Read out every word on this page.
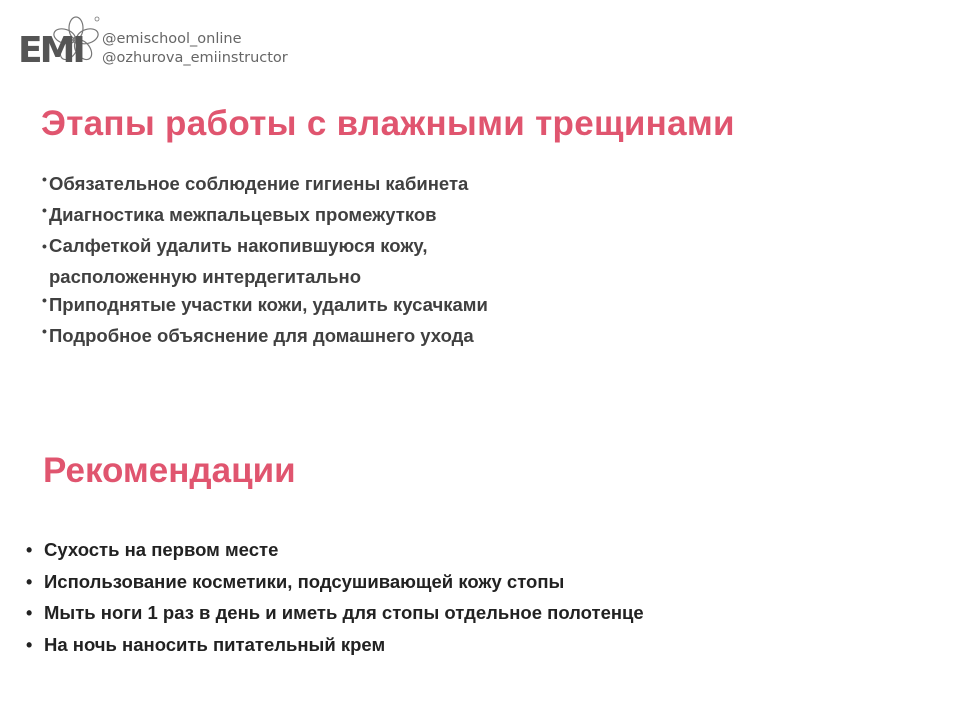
EMI @emischool_online
@ozhurova_emiinstructor
Этапы работы с влажными трещинами
• Обязательное соблюдение гигиены кабинета
• Диагностика межпальцевых промежутков
• Салфеткой удалить накопившуюся кожу, расположенную интердегитально
• Приподнятые участки кожи, удалить кусачками
• Подробное объяснение для домашнего ухода
Рекомендации
• Сухость на первом месте
• Использование косметики, подсушивающей кожу стопы
• Мыть ноги 1 раз в день и иметь для стопы отдельное полотенце
• На ночь наносить питательный крем
